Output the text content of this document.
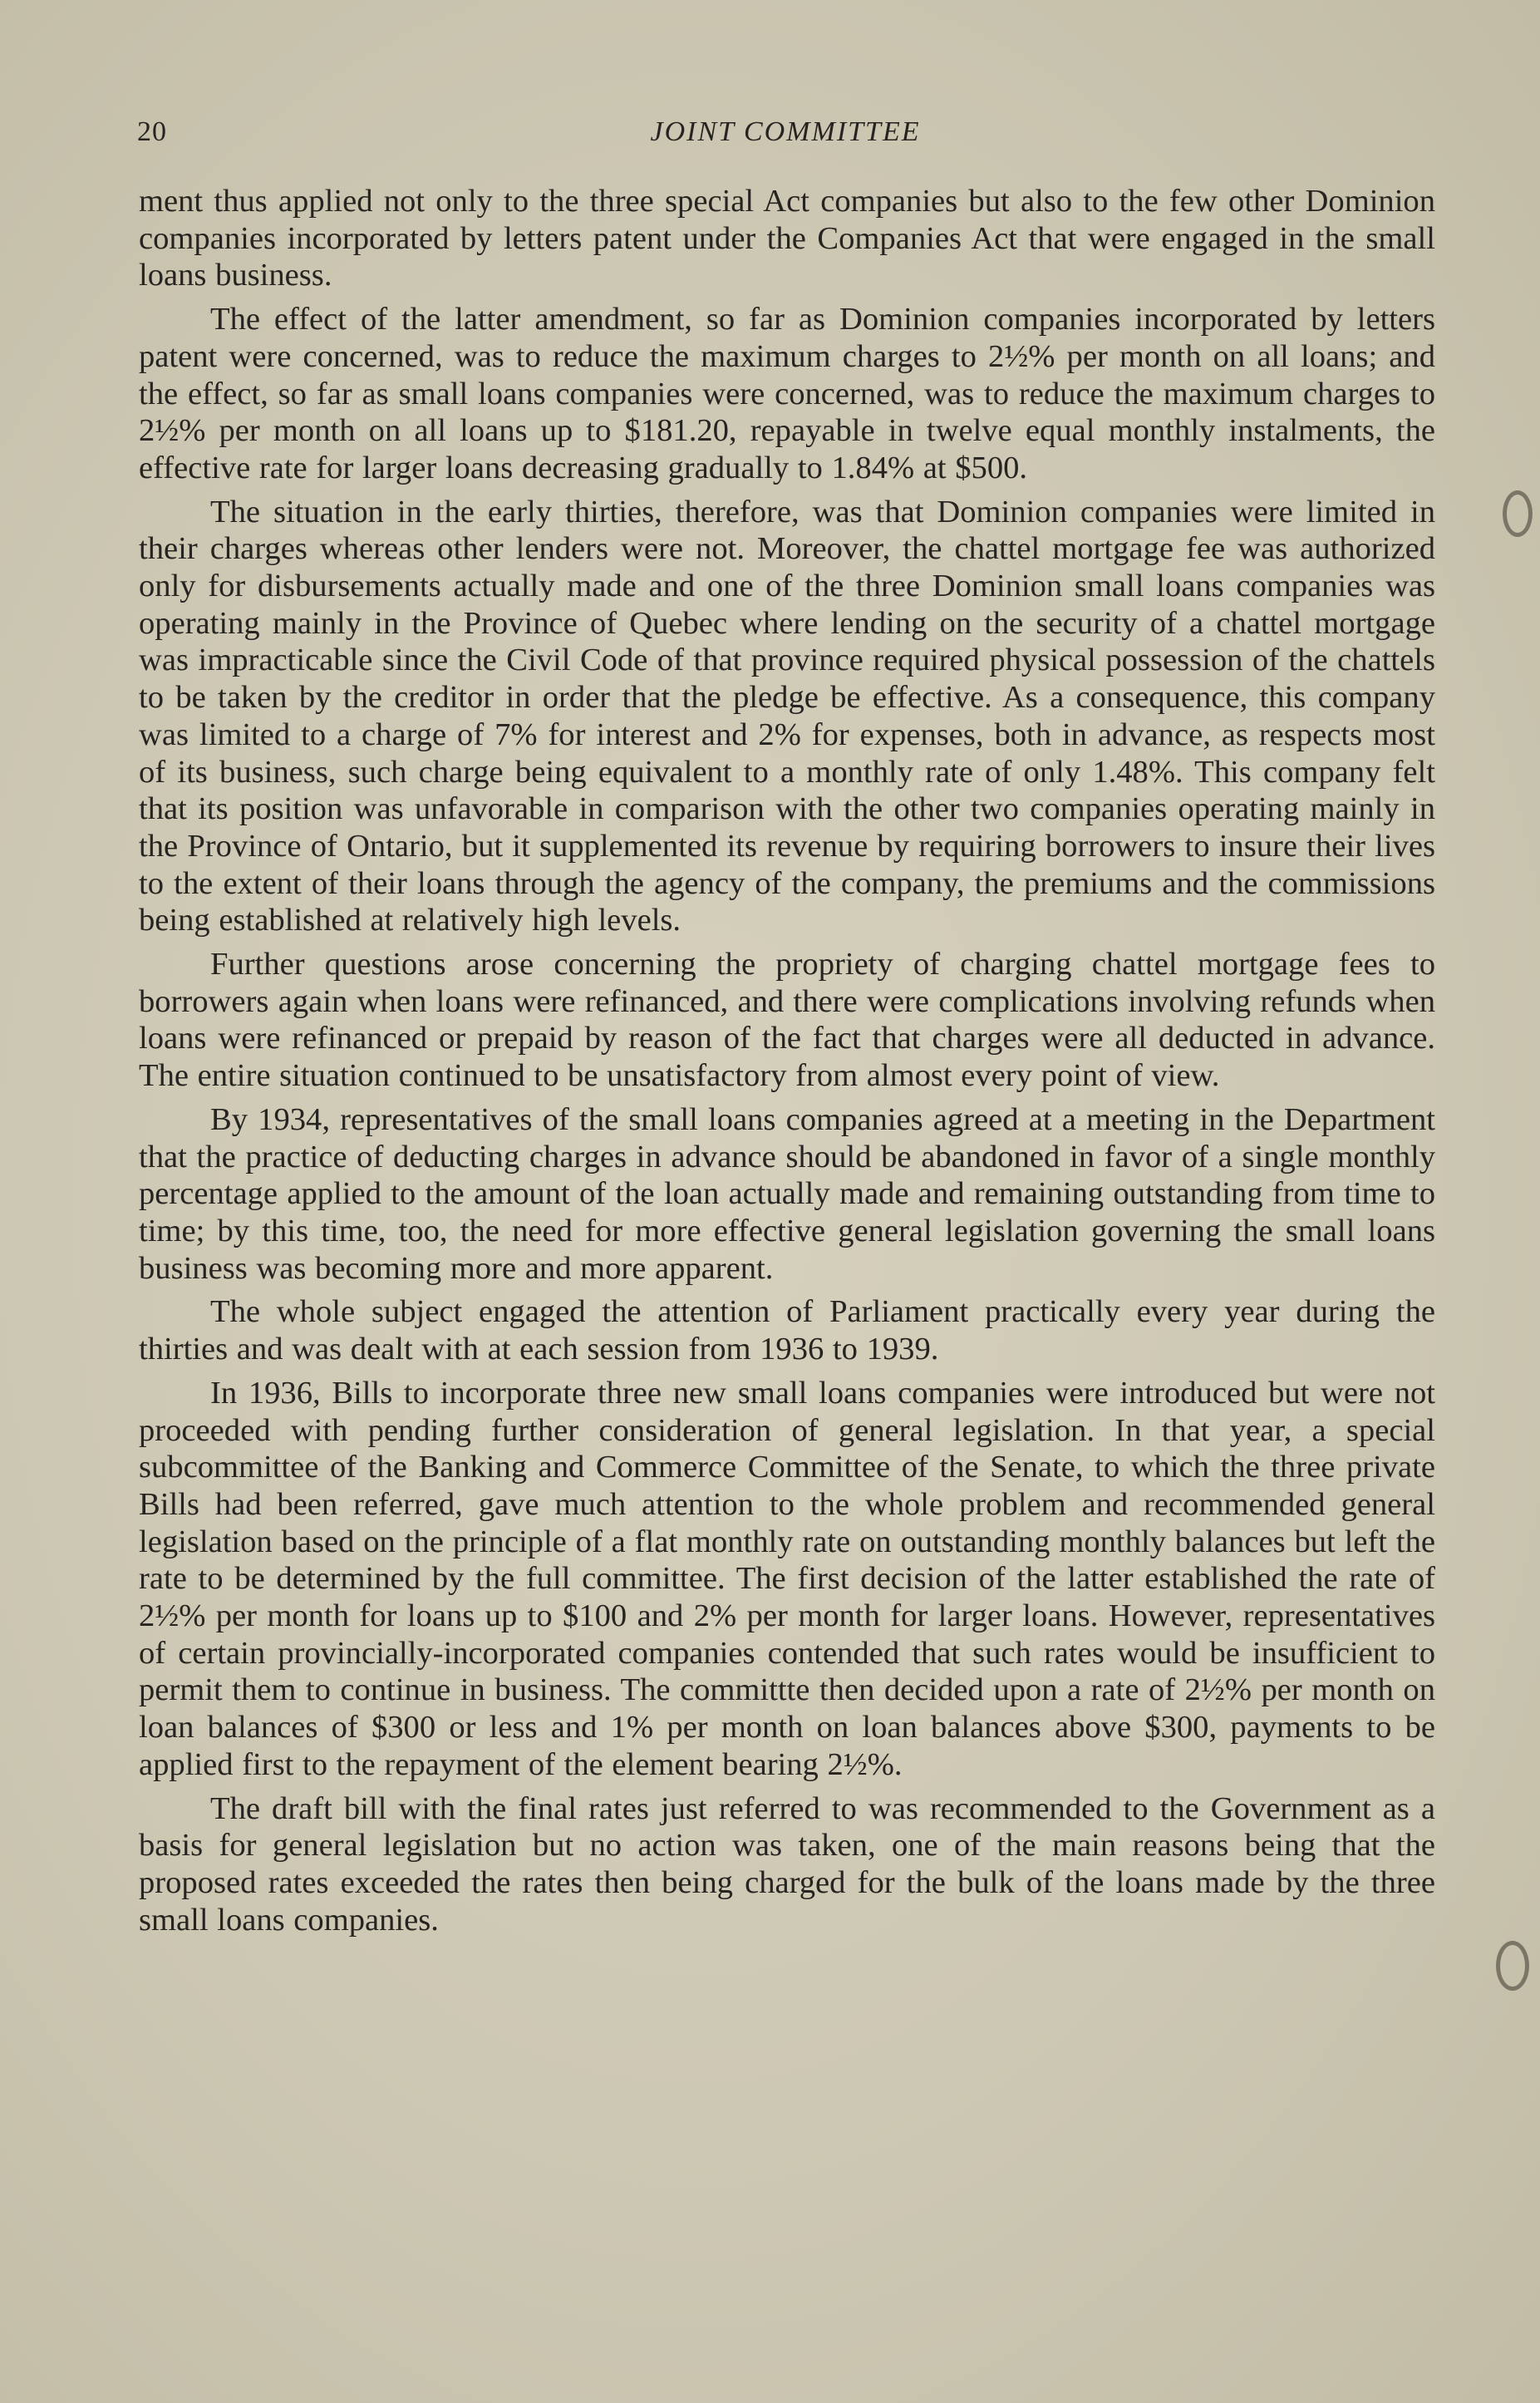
20	JOINT COMMITTEE

ment thus applied not only to the three special Act companies but also to the few other Dominion companies incorporated by letters patent under the Companies Act that were engaged in the small loans business.

The effect of the latter amendment, so far as Dominion companies incorporated by letters patent were concerned, was to reduce the maximum charges to 2½% per month on all loans; and the effect, so far as small loans companies were concerned, was to reduce the maximum charges to 2½% per month on all loans up to $181.20, repayable in twelve equal monthly instalments, the effective rate for larger loans decreasing gradually to 1.84% at $500.

The situation in the early thirties, therefore, was that Dominion companies were limited in their charges whereas other lenders were not. Moreover, the chattel mortgage fee was authorized only for disbursements actually made and one of the three Dominion small loans companies was operating mainly in the Province of Quebec where lending on the security of a chattel mortgage was impracticable since the Civil Code of that province required physical possession of the chattels to be taken by the creditor in order that the pledge be effective. As a consequence, this company was limited to a charge of 7% for interest and 2% for expenses, both in advance, as respects most of its business, such charge being equivalent to a monthly rate of only 1.48%. This company felt that its position was unfavorable in comparison with the other two companies operating mainly in the Province of Ontario, but it supplemented its revenue by requiring borrowers to insure their lives to the extent of their loans through the agency of the company, the premiums and the commissions being established at relatively high levels.

Further questions arose concerning the propriety of charging chattel mortgage fees to borrowers again when loans were refinanced, and there were complications involving refunds when loans were refinanced or prepaid by reason of the fact that charges were all deducted in advance. The entire situation continued to be unsatisfactory from almost every point of view.

By 1934, representatives of the small loans companies agreed at a meeting in the Department that the practice of deducting charges in advance should be abandoned in favor of a single monthly percentage applied to the amount of the loan actually made and remaining outstanding from time to time; by this time, too, the need for more effective general legislation governing the small loans business was becoming more and more apparent.

The whole subject engaged the attention of Parliament practically every year during the thirties and was dealt with at each session from 1936 to 1939.

In 1936, Bills to incorporate three new small loans companies were introduced but were not proceeded with pending further consideration of general legislation. In that year, a special subcommittee of the Banking and Commerce Committee of the Senate, to which the three private Bills had been referred, gave much attention to the whole problem and recommended general legislation based on the principle of a flat monthly rate on outstanding monthly balances but left the rate to be determined by the full committee. The first decision of the latter established the rate of 2½% per month for loans up to $100 and 2% per month for larger loans. However, representatives of certain provincially-incorporated companies contended that such rates would be insufficient to permit them to continue in business. The committte then decided upon a rate of 2½% per month on loan balances of $300 or less and 1% per month on loan balances above $300, payments to be applied first to the repayment of the element bearing 2½%.

The draft bill with the final rates just referred to was recommended to the Government as a basis for general legislation but no action was taken, one of the main reasons being that the proposed rates exceeded the rates then being charged for the bulk of the loans made by the three small loans companies.
